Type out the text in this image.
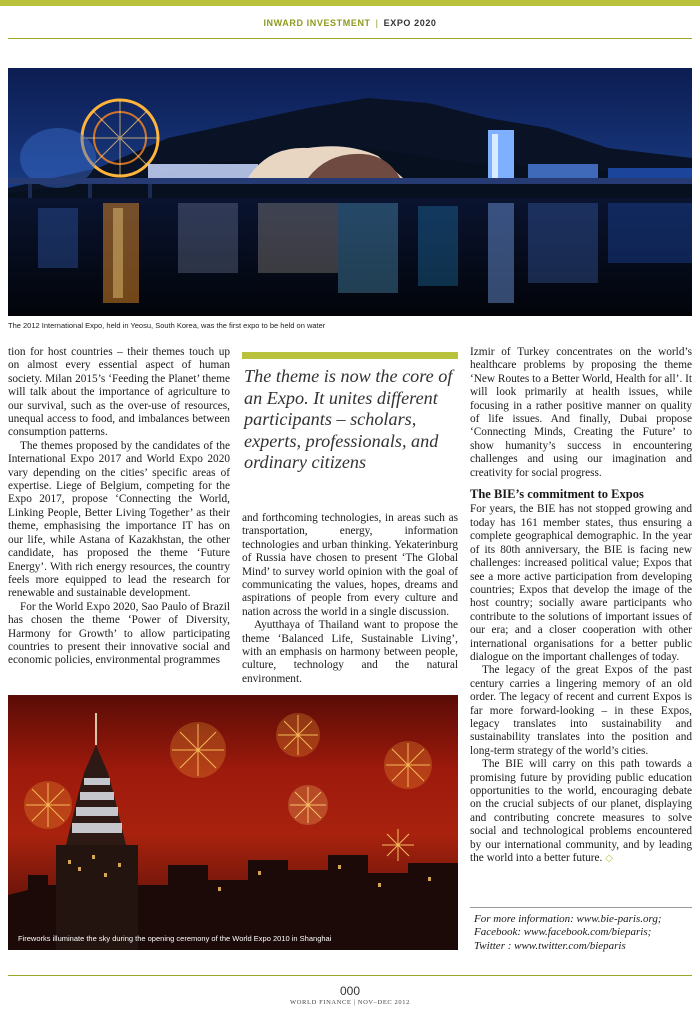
INWARD INVESTMENT | EXPO 2020
The 2012 International Expo, held in Yeosu, South Korea, was the first expo to be held on water

tion for host countries – their themes touch up on almost every essential aspect of human society. Milan 2015’s ‘Feeding the Planet’ theme will talk about the importance of agriculture to our survival, such as the over-use of resources, unequal access to food, and imbalances between consumption patterns.

The themes proposed by the candidates of the International Expo 2017 and World Expo 2020 vary depending on the cities’ specific areas of expertise. Liege of Belgium, competing for the Expo 2017, propose ‘Connecting the World, Linking People, Better Living Together’ as their theme, emphasising the importance IT has on our life, while Astana of Kazakhstan, the other candidate, has proposed the theme ‘Future Energy’. With rich energy resources, the country feels more equipped to lead the research for renewable and sustainable development.

For the World Expo 2020, Sao Paulo of Brazil has chosen the theme ‘Power of Diversity, Harmony for Growth’ to allow participating countries to present their innovative social and economic policies, environmental programmes

The theme is now the core of an Expo. It unites different participants – scholars, experts, professionals, and ordinary citizens

and forthcoming technologies, in areas such as transportation, energy, information technologies and urban thinking. Yekaterinburg of Russia have chosen to present ‘The Global Mind’ to survey world opinion with the goal of communicating the values, hopes, dreams and aspirations of people from every culture and nation across the world in a single discussion.

Ayutthaya of Thailand want to propose the theme ‘Balanced Life, Sustainable Living’, with an emphasis on harmony between people, culture, technology and the natural environment.

Izmir of Turkey concentrates on the world’s healthcare problems by proposing the theme ‘New Routes to a Better World, Health for all’. It will look primarily at health issues, while focusing in a rather positive manner on quality of life issues. And finally, Dubai propose ‘Connecting Minds, Creating the Future’ to show humanity’s success in encountering challenges and using our imagination and creativity for social progress.

The BIE’s commitment to Expos

For years, the BIE has not stopped growing and today has 161 member states, thus ensuring a complete geographical demographic. In the year of its 80th anniversary, the BIE is facing new challenges: increased political value; Expos that see a more active participation from developing countries; Expos that develop the image of the host country; socially aware participants who contribute to the solutions of important issues of our era; and a closer cooperation with other international organisations for a better public dialogue on the important challenges of today.

The legacy of the great Expos of the past century carries a lingering memory of an old order. The legacy of recent and current Expos is far more forward-looking – in these Expos, legacy translates into sustainability and sustainability translates into the position and long-term strategy of the world’s cities.

The BIE will carry on this path towards a promising future by providing public education opportunities to the world, encouraging debate on the crucial subjects of our planet, displaying and contributing concrete measures to solve social and technological problems encountered by our international community, and by leading the world into a better future. ◇

For more information: www.bie-paris.org;
Facebook: www.facebook.com/bieparis;
Twitter : www.twitter.com/bieparis
Fireworks illuminate the sky during the opening ceremony of the World Expo 2010 in Shanghai
000
WORLD FINANCE | NOV–DEC 2012
